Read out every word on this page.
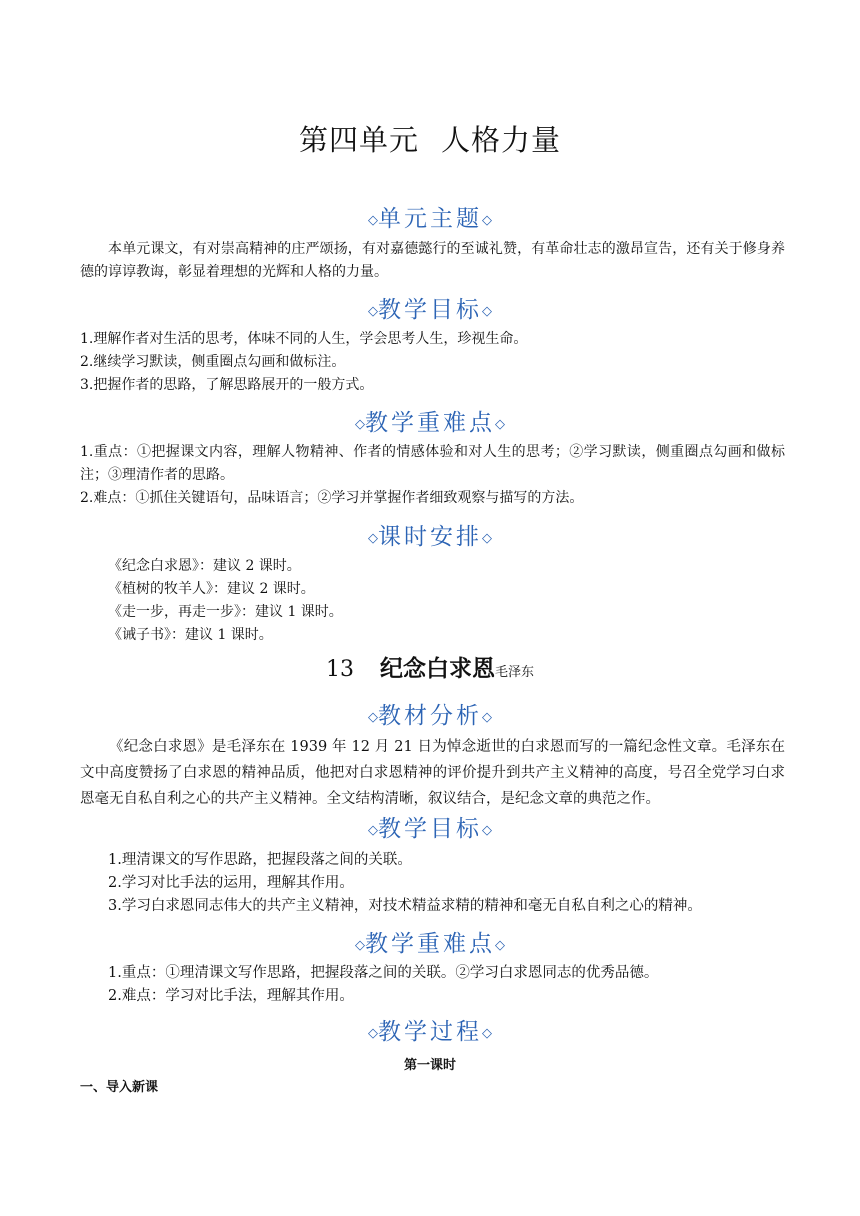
第四单元 人格力量
◇单元主题◇
本单元课文，有对崇高精神的庄严颂扬，有对嘉德懿行的至诚礼赞，有革命壮志的激昂宣告，还有关于修身养德的谆谆教诲，彰显着理想的光辉和人格的力量。
◇教学目标◇
1.理解作者对生活的思考，体味不同的人生，学会思考人生，珍视生命。
2.继续学习默读，侧重圈点勾画和做标注。
3.把握作者的思路，了解思路展开的一般方式。
◇教学重难点◇
1.重点：①把握课文内容，理解人物精神、作者的情感体验和对人生的思考；②学习默读，侧重圈点勾画和做标注；③理清作者的思路。
2.难点：①抓住关键语句，品味语言；②学习并掌握作者细致观察与描写的方法。
◇课时安排◇
《纪念白求恩》：建议 2 课时。
《植树的牧羊人》：建议 2 课时。
《走一步，再走一步》：建议 1 课时。
《诫子书》：建议 1 课时。
13 纪念白求恩毛泽东
◇教材分析◇
《纪念白求恩》是毛泽东在 1939 年 12 月 21 日为悼念逝世的白求恩而写的一篇纪念性文章。毛泽东在文中高度赞扬了白求恩的精神品质，他把对白求恩精神的评价提升到共产主义精神的高度，号召全党学习白求恩毫无自私自利之心的共产主义精神。全文结构清晰，叙议结合，是纪念文章的典范之作。
◇教学目标◇
1.理清课文的写作思路，把握段落之间的关联。
2.学习对比手法的运用，理解其作用。
3.学习白求恩同志伟大的共产主义精神，对技术精益求精的精神和毫无自私自利之心的精神。
◇教学重难点◇
1.重点：①理清课文写作思路，把握段落之间的关联。②学习白求恩同志的优秀品德。
2.难点：学习对比手法，理解其作用。
◇教学过程◇
第一课时
一、导入新课
